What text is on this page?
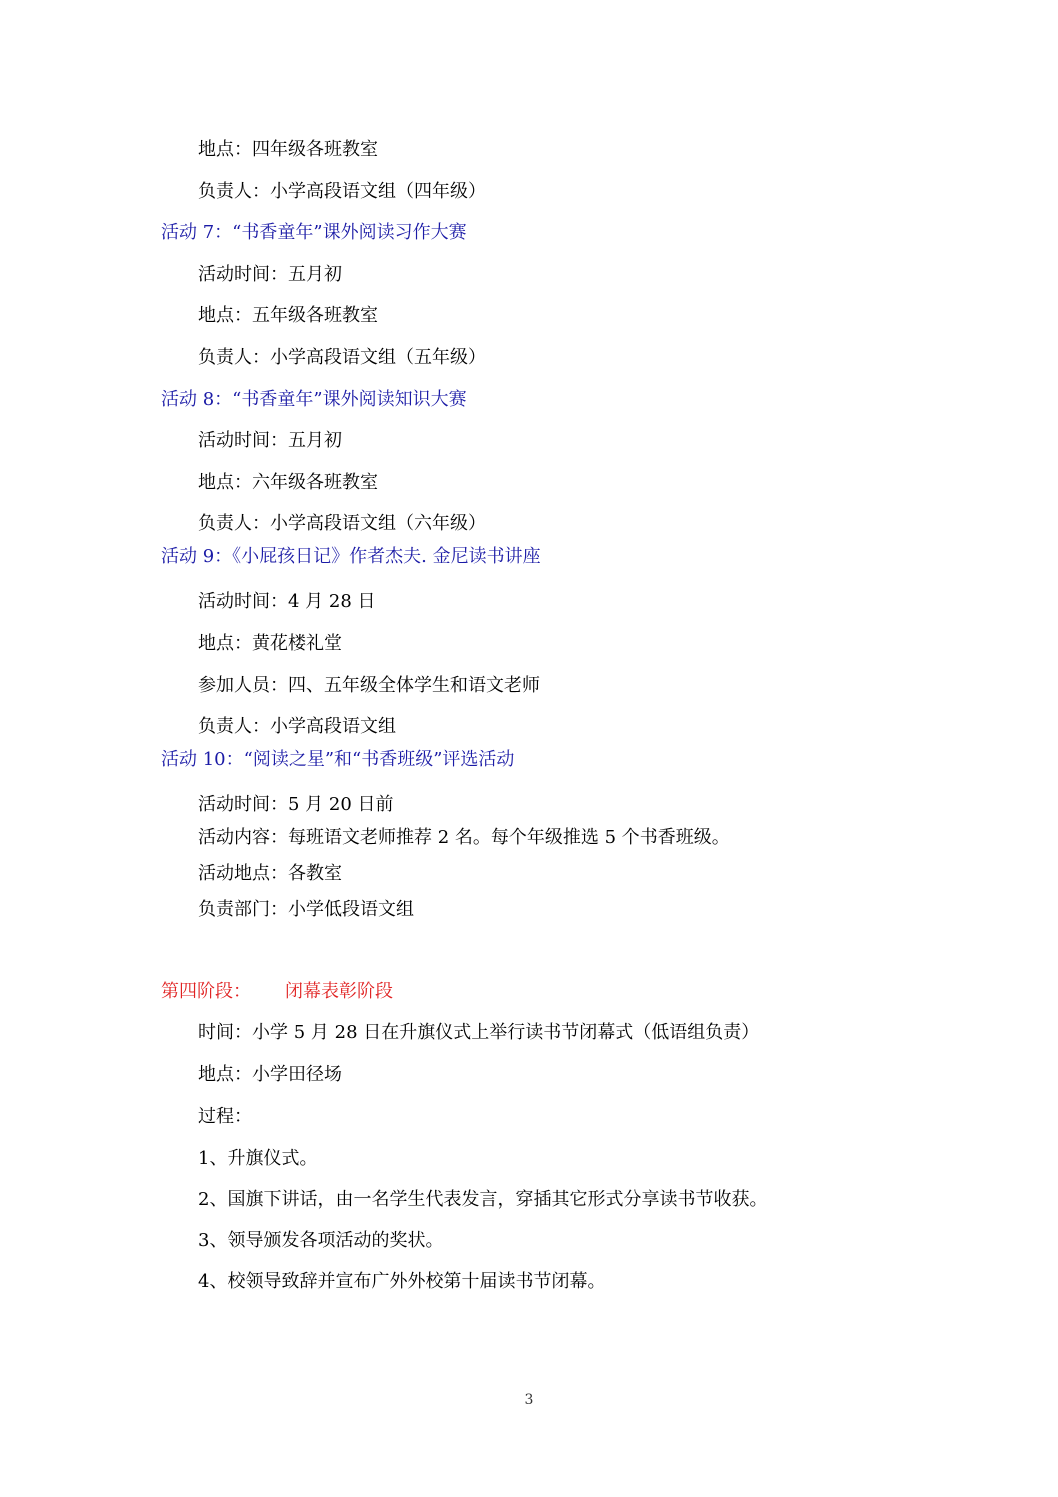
地点：四年级各班教室
负责人：小学高段语文组（四年级）
活动 7：“书香童年”课外阅读习作大赛
活动时间：五月初
地点：五年级各班教室
负责人：小学高段语文组（五年级）
活动 8：“书香童年”课外阅读知识大赛
活动时间：五月初
地点：六年级各班教室
负责人：小学高段语文组（六年级）
活动 9：《小屁孩日记》作者杰夫. 金尼读书讲座
活动时间：4 月 28 日
地点：黄花楼礼堂
参加人员：四、五年级全体学生和语文老师
负责人：小学高段语文组
活动 10：“阅读之星”和“书香班级”评选活动
活动时间：5 月 20 日前
活动内容：每班语文老师推荐 2 名。每个年级推选 5 个书香班级。
活动地点：各教室
负责部门：小学低段语文组
第四阶段： 闭幕表彰阶段
时间：小学 5 月 28 日在升旗仪式上举行读书节闭幕式（低语组负责）
地点：小学田径场
过程：
1、升旗仪式。
2、国旗下讲话，由一名学生代表发言，穿插其它形式分享读书节收获。
3、领导颁发各项活动的奖状。
4、校领导致辞并宣布广外外校第十届读书节闭幕。
3
